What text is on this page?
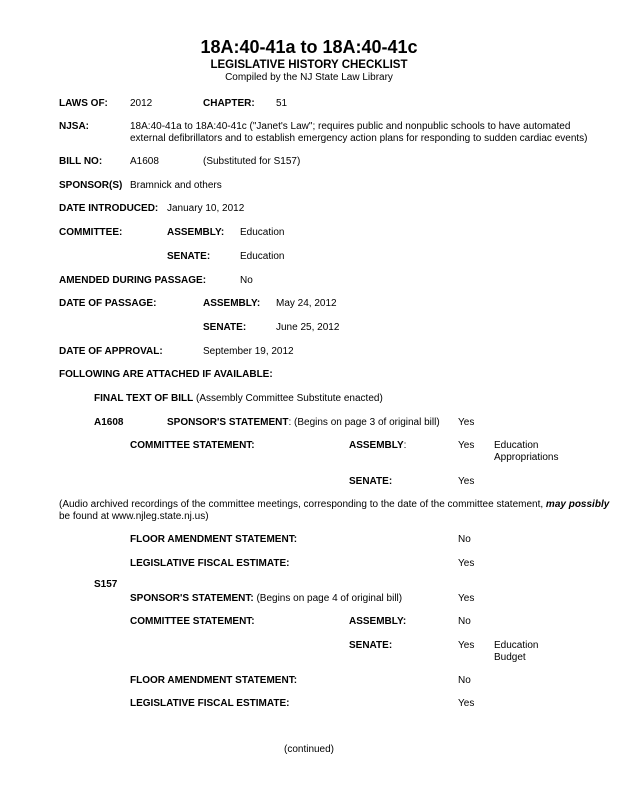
18A:40-41a to 18A:40-41c
LEGISLATIVE HISTORY CHECKLIST
Compiled by the NJ State Law Library
LAWS OF: 2012	CHAPTER: 51
NJSA:	18A:40-41a to 18A:40-41c ("Janet's Law"; requires public and nonpublic schools to have automated
external defibrillators and to establish emergency action plans for responding to sudden cardiac events)
BILL NO:	A1608	(Substituted for S157)
SPONSOR(S) Bramnick and others
DATE INTRODUCED: January 10, 2012
COMMITTEE:	ASSEMBLY: Education
SENATE:	Education
AMENDED DURING PASSAGE:	No
DATE OF PASSAGE:	ASSEMBLY: May 24, 2012
SENATE:	June 25, 2012
DATE OF APPROVAL:	September 19, 2012
FOLLOWING ARE ATTACHED IF AVAILABLE:
FINAL TEXT OF BILL (Assembly Committee Substitute enacted)
A1608	SPONSOR'S STATEMENT: (Begins on page 3 of original bill) Yes
COMMITTEE STATEMENT:	ASSEMBLY:	Yes Education
Appropriations
SENATE:	Yes
(Audio archived recordings of the committee meetings, corresponding to the date of the committee statement, may possibly
be found at www.njleg.state.nj.us)
FLOOR AMENDMENT STATEMENT:	No
LEGISLATIVE FISCAL ESTIMATE:	Yes
S157
SPONSOR'S STATEMENT: (Begins on page 4 of original bill)	Yes
COMMITTEE STATEMENT:	ASSEMBLY:	No
SENATE:	Yes Education
Budget
FLOOR AMENDMENT STATEMENT:	No
LEGISLATIVE FISCAL ESTIMATE:	Yes
(continued)
